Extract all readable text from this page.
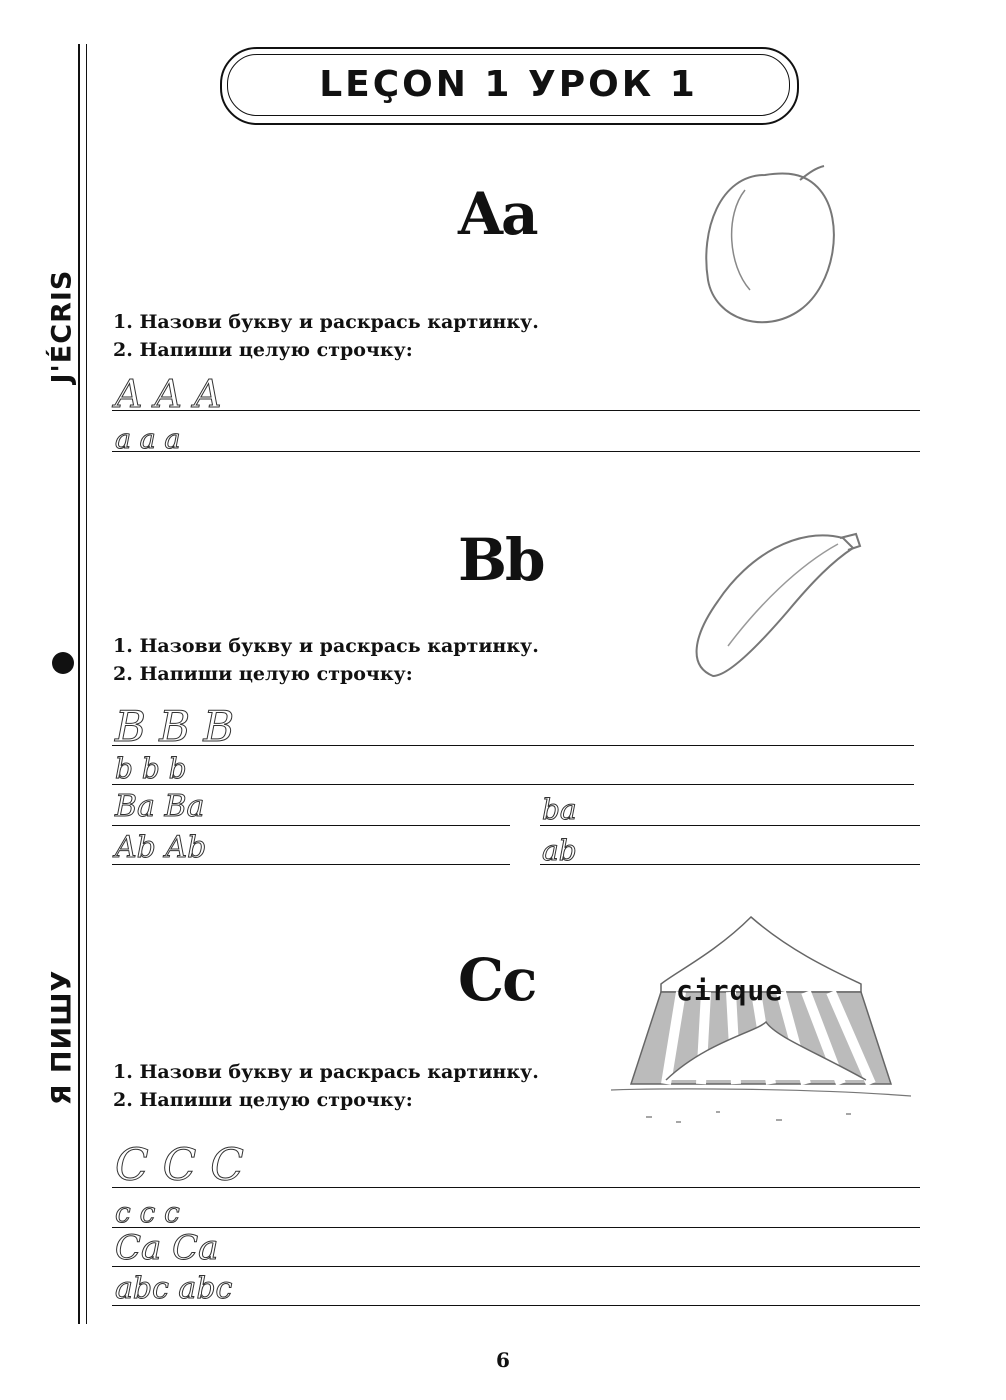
J'ÉCRIS
Я ПИШУ
LEÇON 1 УРОК 1
Aa
1. Назови букву и раскрась картинку.
2. Напиши целую строчку:
A A A
a a a
Bb
1. Назови букву и раскрась картинку.
2. Напиши целую строчку:
B B B
b b b
Ba Ba	ba
Ab Ab	ab
Cc	cirque
1. Назови букву и раскрась картинку.
2. Напиши целую строчку:
C C C
c c c
Ca Ca
abc abc
6
